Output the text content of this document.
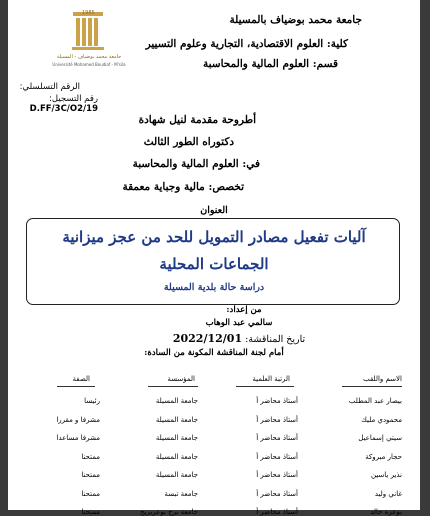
1985
جامعة محمد بوضياف - المسيلة
Université Mohamed Boudiaf - M'sila
جامعة محمد بوضياف بالمسيلة
كلية: العلوم الاقتصادية، التجارية وعلوم التسيير
قسم: العلوم المالية والمحاسبة
الرقم التسلسلي:
رقم التسجيل: D.FF/3C/O2/19
أطروحة مقدمة لنيل شهادة
دكتوراه الطور الثالث
في: العلوم المالية والمحاسبة
تخصص: مالية وجباية معمقة
العنوان
آليات تفعيل مصادر التمويل للحد من عجز ميزانية
الجماعات المحلية
دراسة حالة بلدية المسيلة
من إعداد:
سالمي عبد الوهاب
تاريخ المناقشة: 2022/12/01
أمام لجنة المناقشة المكونة من السادة:
الاسم واللقب
الرتبة العلمية
المؤسسة
الصفة
بيصار عبد المطلب
أستاذ محاضر أ
جامعة المسيلة
رئيسا
محمودي مليك
أستاذ محاضر أ
جامعة المسيلة
مشرفا و مقررا
سيتي إسماعيل
أستاذ محاضر أ
جامعة المسيلة
مشرفا مساعدا
حجار مبروكة
أستاذ محاضر أ
جامعة المسيلة
ممتحنا
نذير ياسين
أستاذ محاضر أ
جامعة المسيلة
ممتحنا
غاني وليد
أستاذ محاضر أ
جامعة تبسة
ممتحنا
بوعزة خالد
أستاذ محاضر أ
جامعة برج بوعريريج
ممتحنا
